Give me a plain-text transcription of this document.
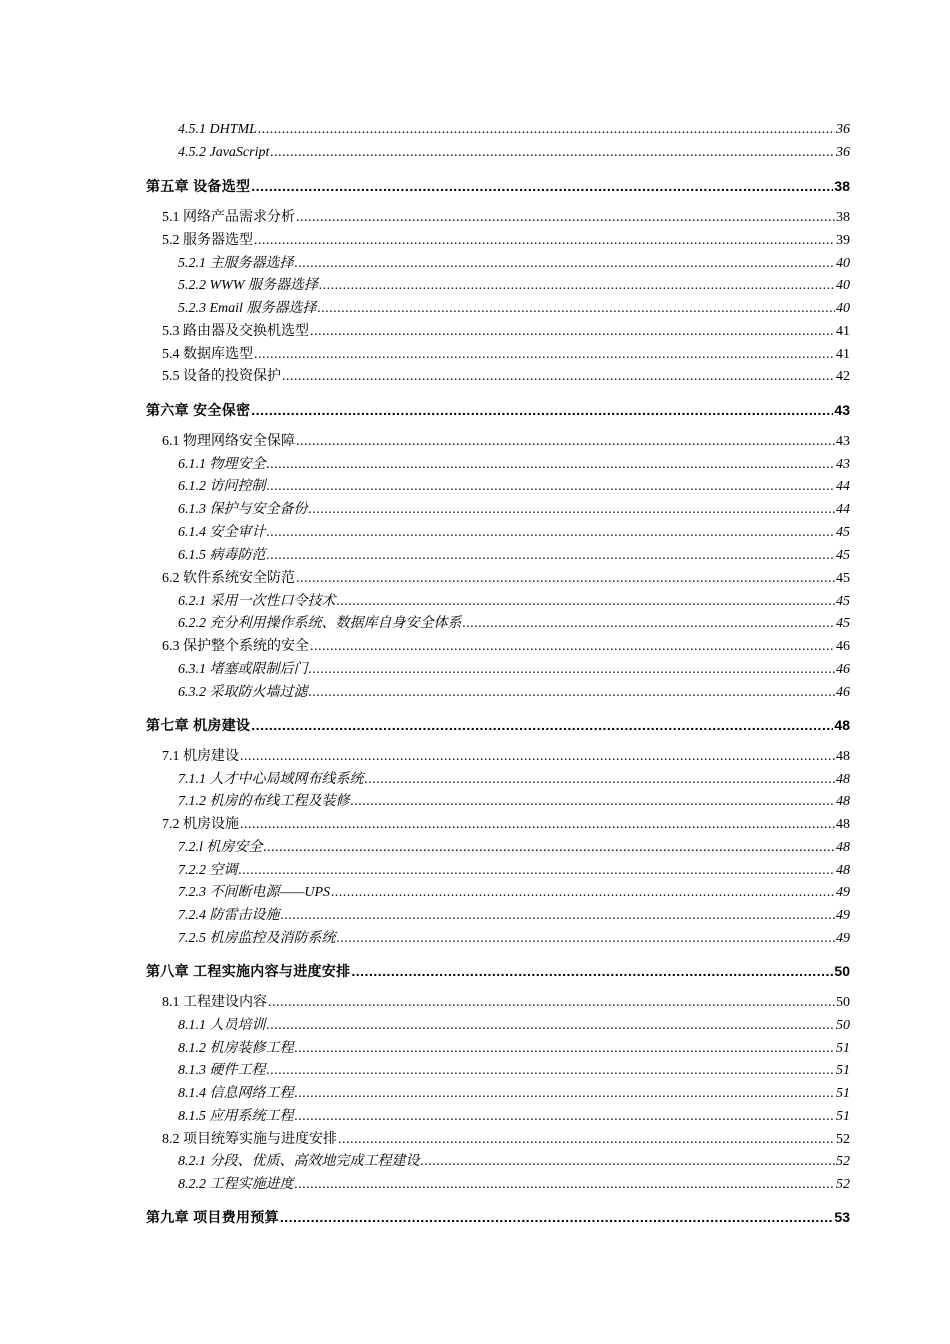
4.5.1 DHTML .....	36
4.5.2 JavaScript .....	36
第五章 设备选型 .....	38
5.1 网络产品需求分析 .....	38
5.2 服务器选型 .....	39
5.2.1 主服务器选择 .....	40
5.2.2 WWW 服务器选择 .....	40
5.2.3 Email 服务器选择 .....	40
5.3 路由器及交换机选型 .....	41
5.4 数据库选型 .....	41
5.5 设备的投资保护 .....	42
第六章 安全保密 .....	43
6.1 物理网络安全保障 .....	43
6.1.1 物理安全 .....	43
6.1.2 访问控制 .....	44
6.1.3 保护与安全备份 .....	44
6.1.4 安全审计 .....	45
6.1.5 病毒防范 .....	45
6.2 软件系统安全防范 .....	45
6.2.1 采用一次性口令技术 .....	45
6.2.2 充分利用操作系统、数据库自身安全体系 .....	45
6.3 保护整个系统的安全 .....	46
6.3.1 堵塞或限制后门 .....	46
6.3.2 采取防火墙过滤 .....	46
第七章 机房建设 .....	48
7.1 机房建设 .....	48
7.1.1 人才中心局域网布线系统 .....	48
7.1.2 机房的布线工程及装修 .....	48
7.2 机房设施 .....	48
7.2.l 机房安全 .....	48
7.2.2 空调 .....	48
7.2.3 不间断电源——UPS .....	49
7.2.4 防雷击设施 .....	49
7.2.5 机房监控及消防系统 .....	49
第八章 工程实施内容与进度安排 .....	50
8.1 工程建设内容 .....	50
8.1.1 人员培训 .....	50
8.1.2 机房装修工程 .....	51
8.1.3 硬件工程 .....	51
8.1.4 信息网络工程 .....	51
8.1.5 应用系统工程 .....	51
8.2 项目统筹实施与进度安排 .....	52
8.2.1 分段、优质、高效地完成工程建设 .....	52
8.2.2 工程实施进度 .....	52
第九章 项目费用预算 .....	53
